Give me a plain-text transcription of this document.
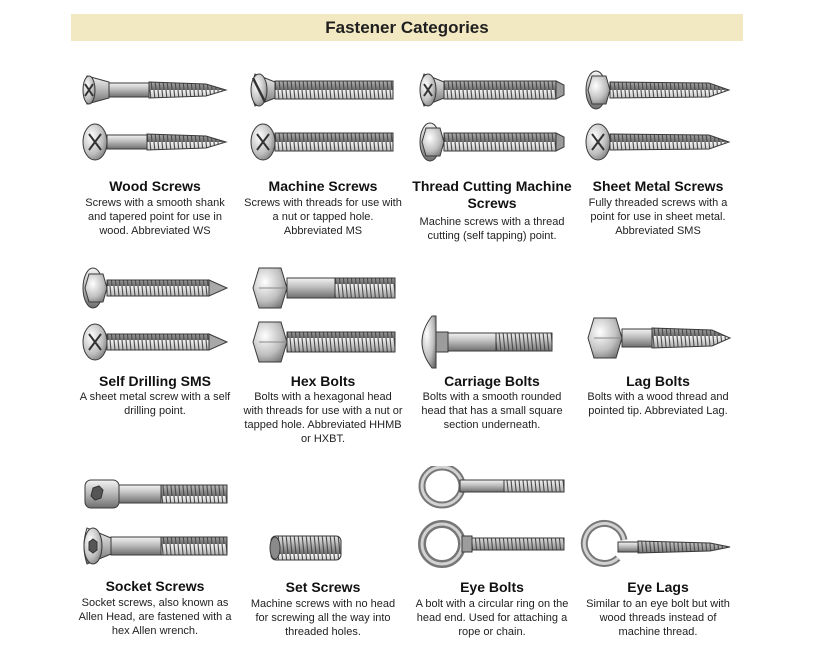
Fastener Categories

Wood Screws

Screws with a smooth shank and tapered point for use in wood. Abbreviated WS

Machine Screws

Screws with threads for use with a nut or tapped hole. Abbreviated MS

Thread Cutting Machine Screws

Machine screws with a thread cutting (self tapping) point.

Sheet Metal Screws

Fully threaded screws with a point for use in sheet metal. Abbreviated SMS

Self Drilling SMS

A sheet metal screw with a self drilling point.

Hex Bolts

Bolts with a hexagonal head with threads for use with a nut or tapped hole. Abbreviated HHMB or HXBT.

Carriage Bolts

Bolts with a smooth rounded head that has a small square section underneath.

Lag Bolts

Bolts with a wood thread and pointed tip. Abbreviated Lag.

Socket Screws

Socket screws, also known as Allen Head, are fastened with a hex Allen wrench.

Set Screws

Machine screws with no head for screwing all the way into threaded holes.

Eye Bolts

A bolt with a circular ring on the head end. Used for attaching a rope or chain.

Eye Lags

Similar to an eye bolt but with wood threads instead of machine thread.
